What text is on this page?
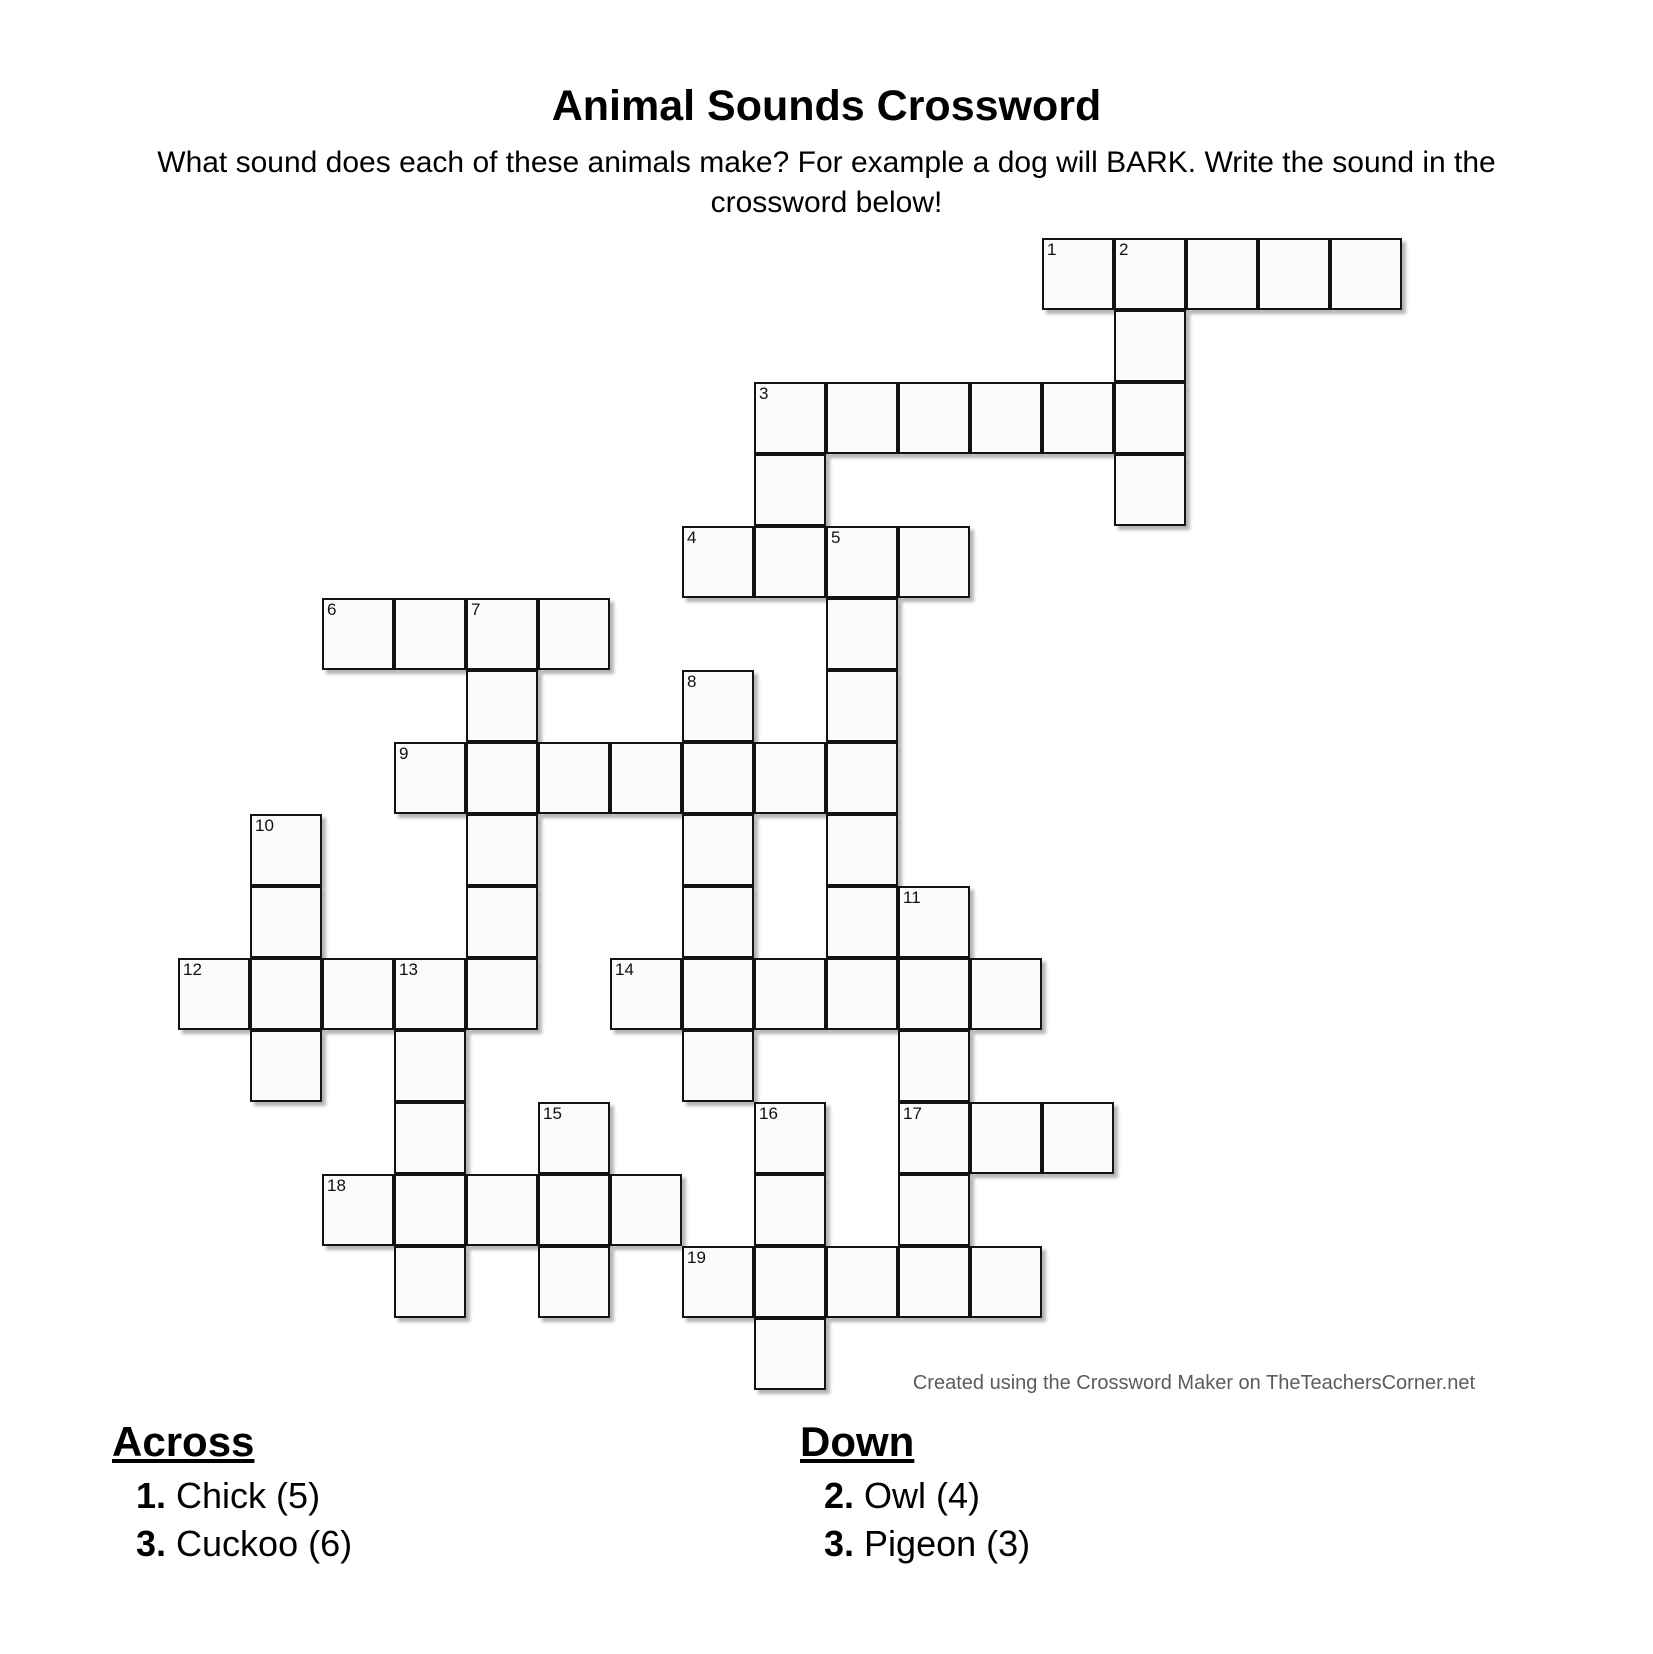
Animal Sounds Crossword

What sound does each of these animals make? For example a dog will BARK. Write the sound in the crossword below!

1	2
3
4	5
6	7
8
9
10
11
12	13	14
15	16	17
18
19
Created using the Crossword Maker on TheTeachersCorner.net
Across
1. Chick (5)
3. Cuckoo (6)
Down
2. Owl (4)
3. Pigeon (3)
